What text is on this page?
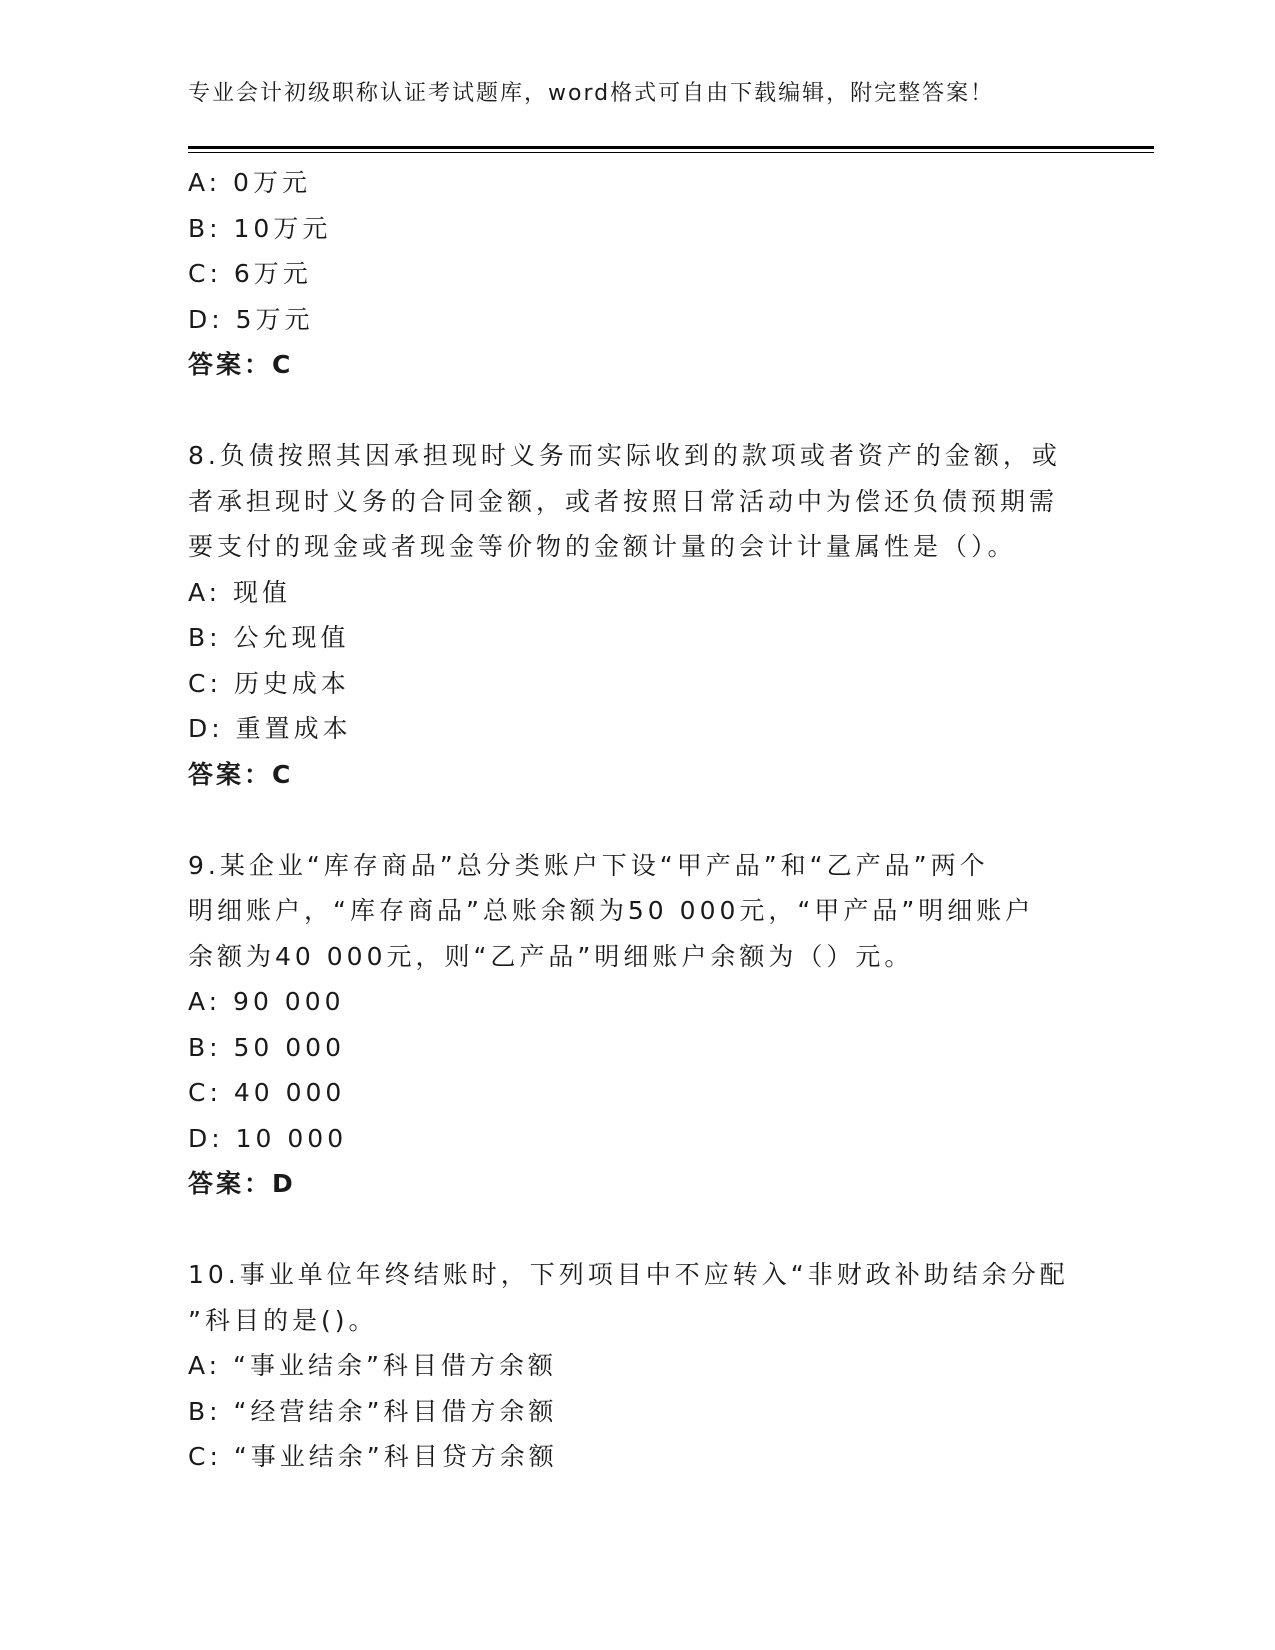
专业会计初级职称认证考试题库，word格式可自由下载编辑，附完整答案！
A: 0万元
B: 10万元
C: 6万元
D: 5万元
答案：C
8.负债按照其因承担现时义务而实际收到的款项或者资产的金额，或
者承担现时义务的合同金额，或者按照日常活动中为偿还负债预期需
要支付的现金或者现金等价物的金额计量的会计计量属性是（）。
A: 现值
B: 公允现值
C: 历史成本
D: 重置成本
答案：C
9.某企业“库存商品”总分类账户下设“甲产品”和“乙产品”两个
明细账户，“库存商品”总账余额为50 000元，“甲产品”明细账户
余额为40 000元，则“乙产品”明细账户余额为（）元。
A: 90 000
B: 50 000
C: 40 000
D: 10 000
答案：D
10.事业单位年终结账时，下列项目中不应转入“非财政补助结余分配
”科目的是()。
A: “事业结余”科目借方余额
B: “经营结余”科目借方余额
C: “事业结余”科目贷方余额
